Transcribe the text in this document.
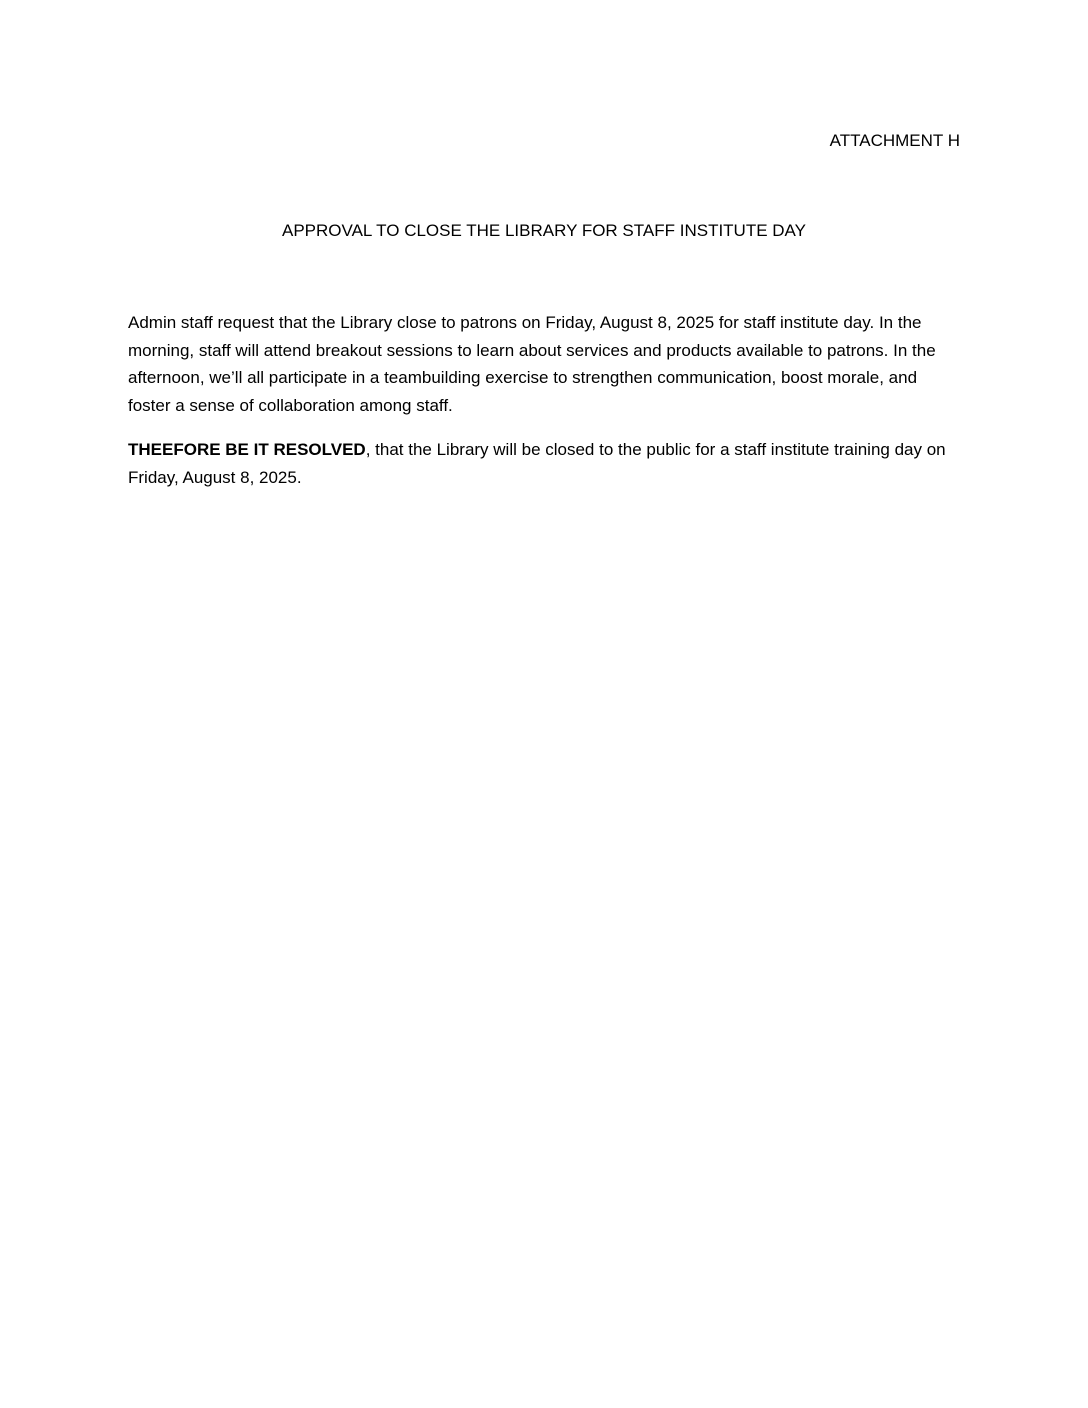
ATTACHMENT H
APPROVAL TO CLOSE THE LIBRARY FOR STAFF INSTITUTE DAY

Admin staff request that the Library close to patrons on Friday, August 8, 2025 for staff institute day. In the morning, staff will attend breakout sessions to learn about services and products available to patrons. In the afternoon, we’ll all participate in a teambuilding exercise to strengthen communication, boost morale, and foster a sense of collaboration among staff.

THEEFORE BE IT RESOLVED, that the Library will be closed to the public for a staff institute training day on Friday, August 8, 2025.
